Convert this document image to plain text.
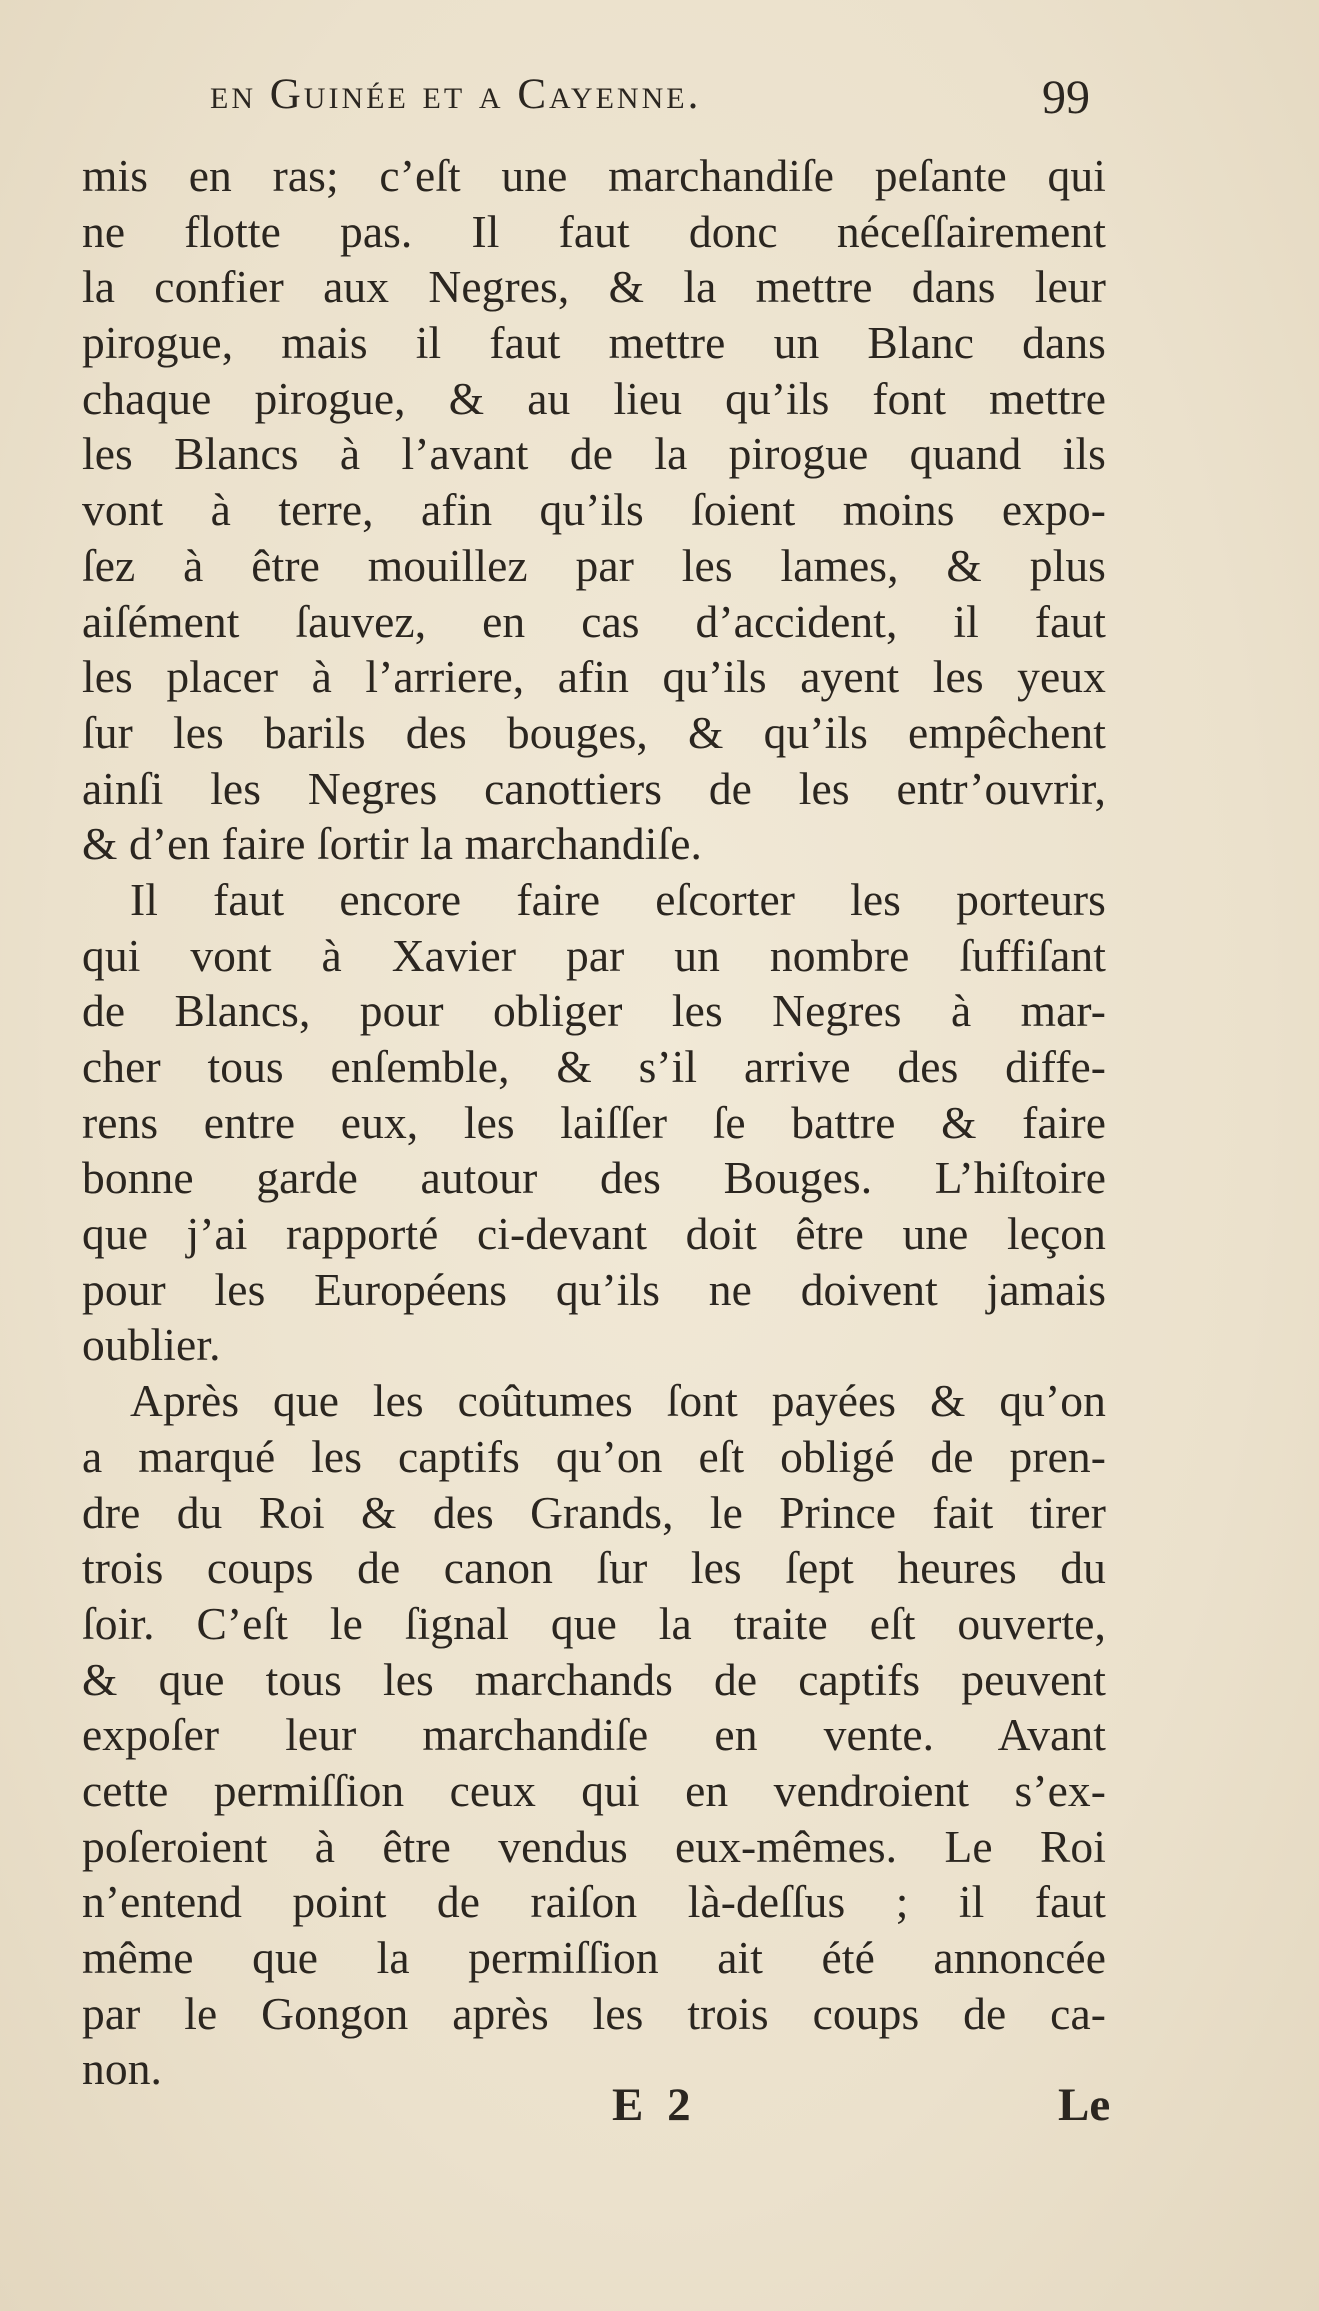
en Guinée et a Cayenne.	99
mis en ras; c’eſt une marchandiſe peſante qui
ne flotte pas. Il faut donc néceſſairement
la confier aux Negres, & la mettre dans leur
pirogue, mais il faut mettre un Blanc dans
chaque pirogue, & au lieu qu’ils font mettre
les Blancs à l’avant de la pirogue quand ils
vont à terre, afin qu’ils ſoient moins expo-
ſez à être mouillez par les lames, & plus
aiſément ſauvez, en cas d’accident, il faut
les placer à l’arriere, afin qu’ils ayent les yeux
ſur les barils des bouges, & qu’ils empêchent
ainſi les Negres canottiers de les entr’ouvrir,
& d’en faire ſortir la marchandiſe.
Il faut encore faire eſcorter les porteurs
qui vont à Xavier par un nombre ſuffiſant
de Blancs, pour obliger les Negres à mar-
cher tous enſemble, & s’il arrive des diffe-
rens entre eux, les laiſſer ſe battre & faire
bonne garde autour des Bouges. L’hiſtoire
que j’ai rapporté ci-devant doit être une leçon
pour les Européens qu’ils ne doivent jamais
oublier.
Après que les coûtumes ſont payées & qu’on
a marqué les captifs qu’on eſt obligé de pren-
dre du Roi & des Grands, le Prince fait tirer
trois coups de canon ſur les ſept heures du
ſoir. C’eſt le ſignal que la traite eſt ouverte,
& que tous les marchands de captifs peuvent
expoſer leur marchandiſe en vente. Avant
cette permiſſion ceux qui en vendroient s’ex-
poſeroient à être vendus eux-mêmes. Le Roi
n’entend point de raiſon là-deſſus ; il faut
même que la permiſſion ait été annoncée
par le Gongon après les trois coups de ca-
non.
E 2	Le
